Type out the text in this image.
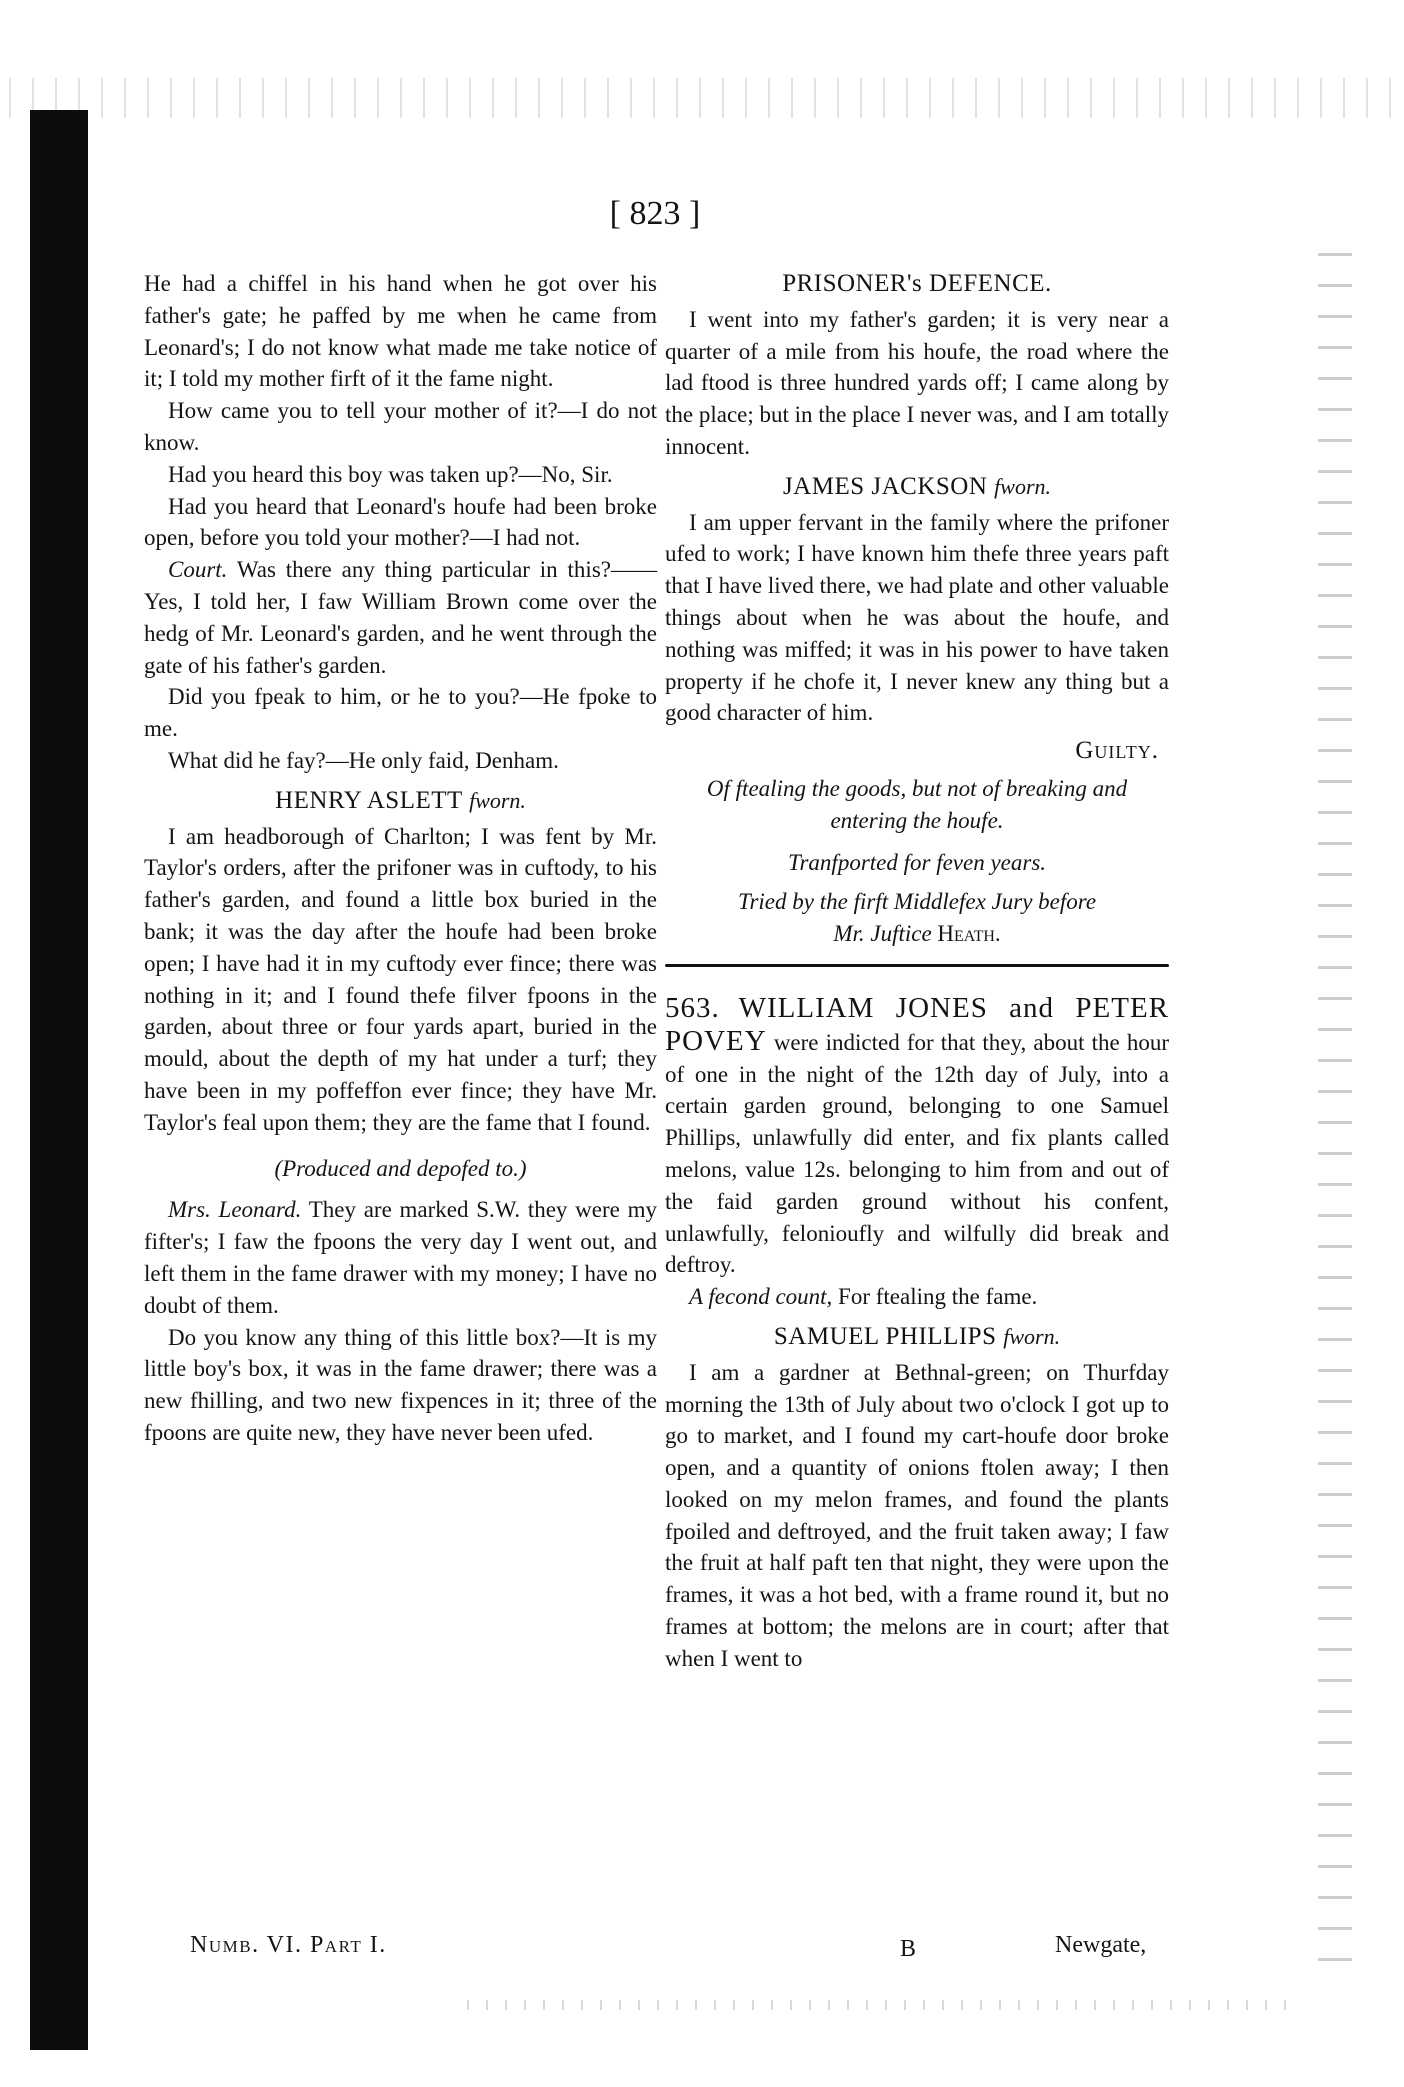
[ 823 ]

He had a chiffel in his hand when he got over his father's gate; he paffed by me when he came from Leonard's; I do not know what made me take notice of it; I told my mother firft of it the fame night.

How came you to tell your mother of it?—I do not know.

Had you heard this boy was taken up?—No, Sir.

Had you heard that Leonard's houfe had been broke open, before you told your mother?—I had not.

Court. Was there any thing particular in this?——Yes, I told her, I faw William Brown come over the hedg of Mr. Leonard's garden, and he went through the gate of his father's garden.

Did you fpeak to him, or he to you?—He fpoke to me.

What did he fay?—He only faid, Denham.

HENRY ASLETT fworn.

I am headborough of Charlton; I was fent by Mr. Taylor's orders, after the prifoner was in cuftody, to his father's garden, and found a little box buried in the bank; it was the day after the houfe had been broke open; I have had it in my cuftody ever fince; there was nothing in it; and I found thefe filver fpoons in the garden, about three or four yards apart, buried in the mould, about the depth of my hat under a turf; they have been in my poffeffon ever fince; they have Mr. Taylor's feal upon them; they are the fame that I found.

(Produced and depofed to.)

Mrs. Leonard. They are marked S.W. they were my fifter's; I faw the fpoons the very day I went out, and left them in the fame drawer with my money; I have no doubt of them.

Do you know any thing of this little box?—It is my little boy's box, it was in the fame drawer; there was a new fhilling, and two new fixpences in it; three of the fpoons are quite new, they have never been ufed.

PRISONER's DEFENCE.

I went into my father's garden; it is very near a quarter of a mile from his houfe, the road where the lad ftood is three hundred yards off; I came along by the place; but in the place I never was, and I am totally innocent.

JAMES JACKSON fworn.

I am upper fervant in the family where the prifoner ufed to work; I have known him thefe three years paft that I have lived there, we had plate and other valuable things about when he was about the houfe, and nothing was miffed; it was in his power to have taken property if he chofe it, I never knew any thing but a good character of him.

Guilty.

Of ftealing the goods, but not of breaking and entering the houfe.

Tranfported for feven years.

Tried by the firft Middlefex Jury before

Mr. Juftice Heath.

563. WILLIAM JONES and PETER POVEY were indicted for that they, about the hour of one in the night of the 12th day of July, into a certain garden ground, belonging to one Samuel Phillips, unlawfully did enter, and fix plants called melons, value 12s. belonging to him from and out of the faid garden ground without his confent, unlawfully, felonioufly and wilfully did break and deftroy.

A fecond count, For ftealing the fame.

SAMUEL PHILLIPS fworn.

I am a gardner at Bethnal-green; on Thurfday morning the 13th of July about two o'clock I got up to go to market, and I found my cart-houfe door broke open, and a quantity of onions ftolen away; I then looked on my melon frames, and found the plants fpoiled and deftroyed, and the fruit taken away; I faw the fruit at half paft ten that night, they were upon the frames, it was a hot bed, with a frame round it, but no frames at bottom; the melons are in court; after that when I went to

Numb. VI. Part I.	B	Newgate,
